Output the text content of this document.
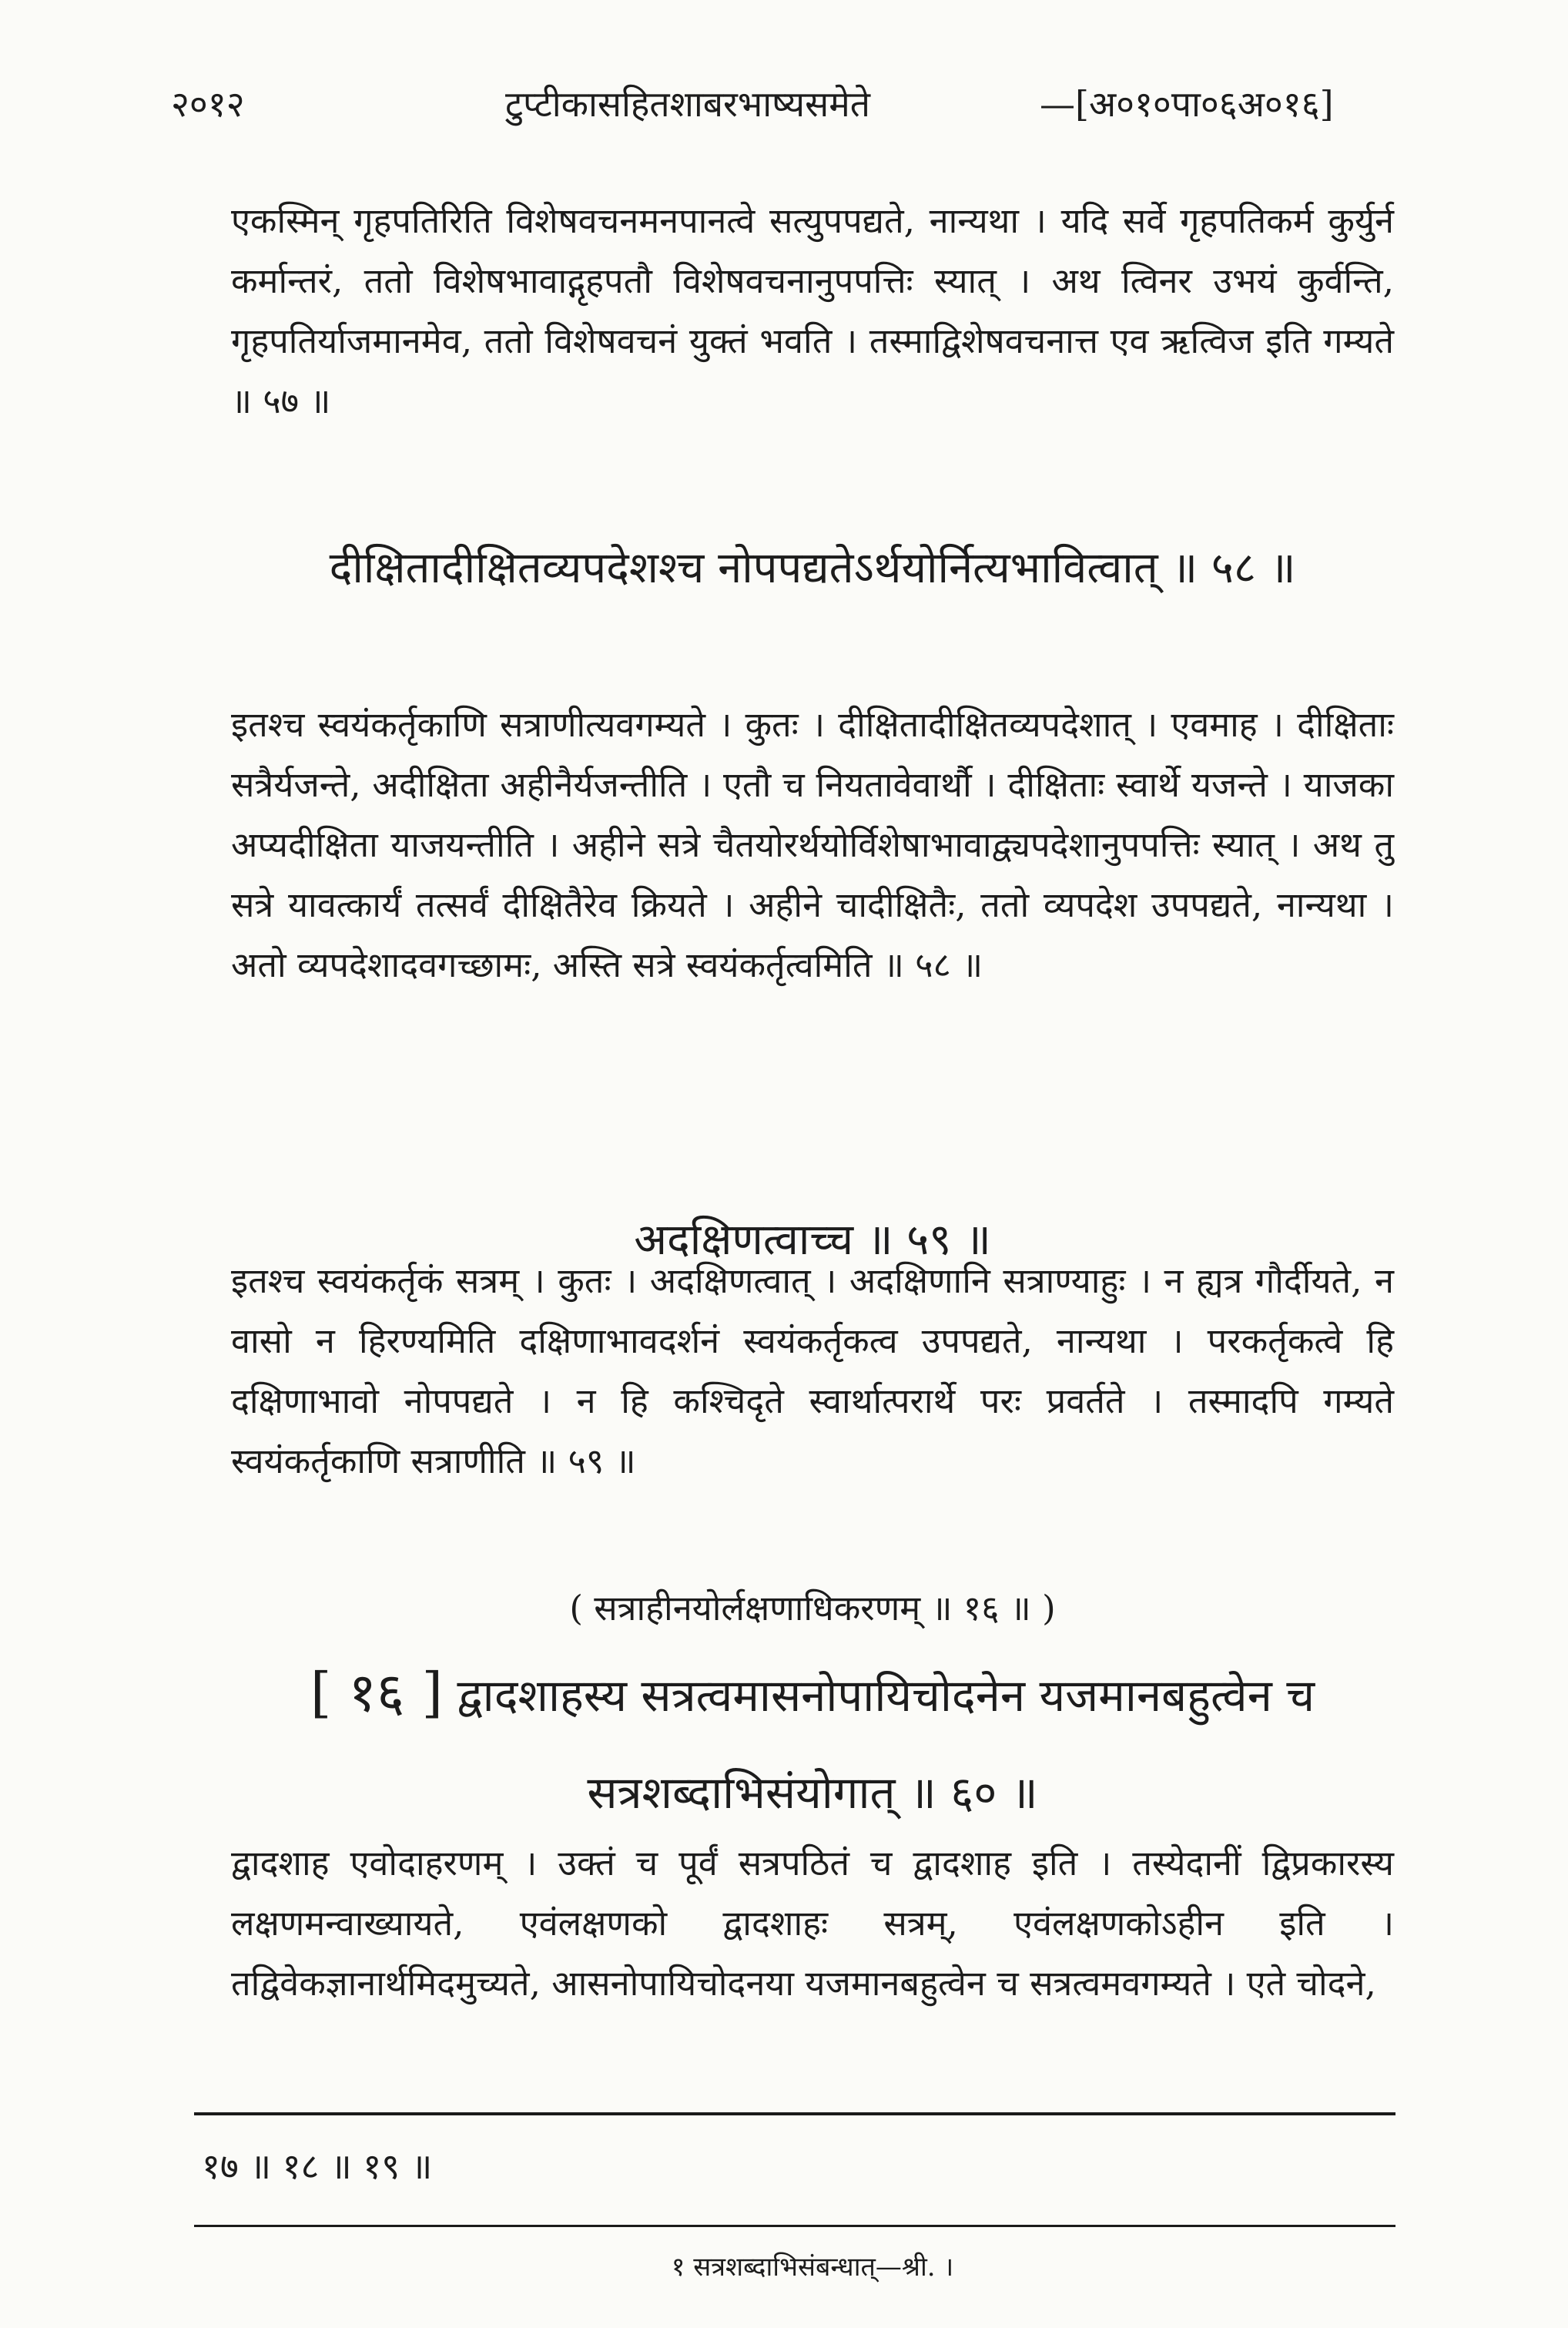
२०१२	टुप्टीकासहितशाबरभाष्यसमेते	—[अ०१०पा०६अ०१६]
एकस्मिन् गृहपतिरिति विशेषवचनमनपानत्वे सत्युपपद्यते, नान्यथा । यदि सर्वे गृहपतिकर्म कुर्युर्न कर्मान्तरं, ततो विशेषभावाद्गृहपतौ विशेषवचनानुपपत्तिः स्यात् । अथ त्विनर उभयं कुर्वन्ति, गृहपतिर्याजमानमेव, ततो विशेषवचनं युक्तं भवति । तस्माद्विशेषवचनात्त एव ऋत्विज इति गम्यते ॥ ५७ ॥
दीक्षितादीक्षितव्यपदेशश्च नोपपद्यतेऽर्थयोर्नित्यभावित्वात् ॥ ५८ ॥
इतश्च स्वयंकर्तृकाणि सत्राणीत्यवगम्यते । कुतः । दीक्षितादीक्षितव्यपदेशात् । एवमाह । दीक्षिताः सत्रैर्यजन्ते, अदीक्षिता अहीनैर्यजन्तीति । एतौ च नियतावेवार्थौ । दीक्षिताः स्वार्थे यजन्ते । याजका अप्यदीक्षिता याजयन्तीति । अहीने सत्रे चैतयोरर्थयोर्विशेषाभावाद्व्यपदेशानुपपत्तिः स्यात् । अथ तु सत्रे यावत्कार्यं तत्सर्वं दीक्षितैरेव क्रियते । अहीने चादीक्षितैः, ततो व्यपदेश उपपद्यते, नान्यथा । अतो व्यपदेशादवगच्छामः, अस्ति सत्रे स्वयंकर्तृत्वमिति ॥ ५८ ॥
अदक्षिणत्वाच्च ॥ ५९ ॥
इतश्च स्वयंकर्तृकं सत्रम् । कुतः । अदक्षिणत्वात् । अदक्षिणानि सत्राण्याहुः । न ह्यत्र गौर्दीयते, न वासो न हिरण्यमिति दक्षिणाभावदर्शनं स्वयंकर्तृकत्व उपपद्यते, नान्यथा । परकर्तृकत्वे हि दक्षिणाभावो नोपपद्यते । न हि कश्चिदृते स्वार्थात्परार्थे परः प्रवर्तते । तस्मादपि गम्यते स्वयंकर्तृकाणि सत्राणीति ॥ ५९ ॥
( सत्राहीनयोर्लक्षणाधिकरणम् ॥ १६ ॥ )
[ १६ ] द्वादशाहस्य सत्रत्वमासनोपायिचोदनेन यजमानबहुत्वेन च सत्रशब्दाभिसंयोगात् ॥ ६० ॥
द्वादशाह एवोदाहरणम् । उक्तं च पूर्वं सत्रपठितं च द्वादशाह इति । तस्येदानीं द्विप्रकारस्य लक्षणमन्वाख्यायते, एवंलक्षणको द्वादशाहः सत्रम्, एवंलक्षणकोऽहीन इति । तद्विवेकज्ञानार्थमिदमुच्यते, आसनोपायिचोदनया यजमानबहुत्वेन च सत्रत्वमवगम्यते । एते चोदने,
१७ ॥ १८ ॥ १९ ॥
१ सत्रशब्दाभिसंबन्धात्—श्री. ।
